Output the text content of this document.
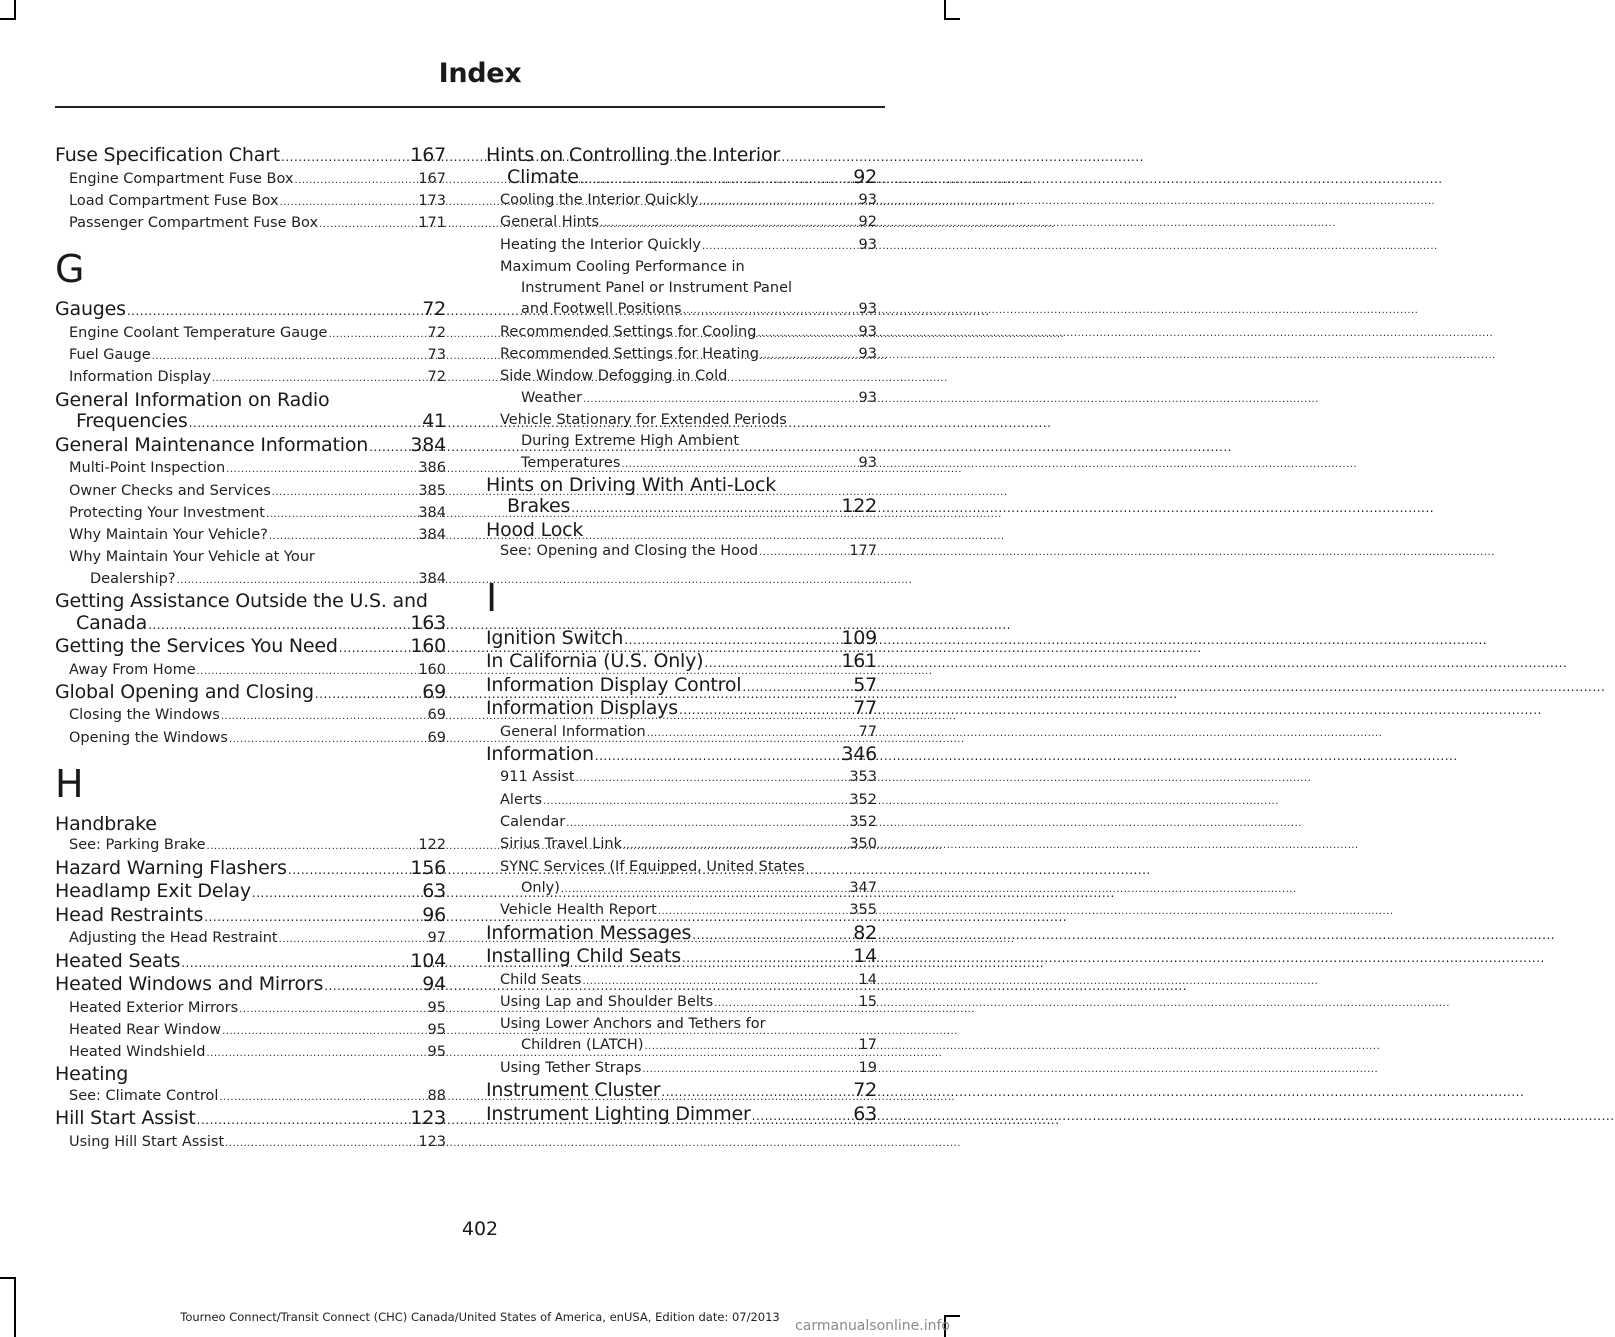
Index
Fuse Specification Chart .....	167
Engine Compartment Fuse Box .....	167
Load Compartment Fuse Box .....	173
Passenger Compartment Fuse Box .....	171
G
Gauges .....	72
Engine Coolant Temperature Gauge .....	72
Fuel Gauge .....	73
Information Display .....	72
General Information on Radio
Frequencies .....	41
General Maintenance Information ..... 384
Multi-Point Inspection .....	386
Owner Checks and Services .....	385
Protecting Your Investment .....	384
Why Maintain Your Vehicle? .....	384
Why Maintain Your Vehicle at Your
Dealership? .....	384
Getting Assistance Outside the U.S. and
Canada .....	163
Getting the Services You Need .....	160
Away From Home .....	160
Global Opening and Closing .....	69
Closing the Windows .....	69
Opening the Windows .....	69
H
Handbrake
See: Parking Brake .....	122
Hazard Warning Flashers .....	156
Headlamp Exit Delay .....	63
Head Restraints .....	96
Adjusting the Head Restraint .....	97
Heated Seats .....	104
Heated Windows and Mirrors .....	94
Heated Exterior Mirrors .....	95
Heated Rear Window .....	95
Heated Windshield .....	95
Heating
See: Climate Control .....	88
Hill Start Assist .....	123
Using Hill Start Assist .....	123
Hints on Controlling the Interior
Climate .....	92
Cooling the Interior Quickly .....	93
General Hints .....	92
Heating the Interior Quickly .....	93
Maximum Cooling Performance in
Instrument Panel or Instrument Panel
and Footwell Positions .....	93
Recommended Settings for Cooling .....	93
Recommended Settings for Heating .....	93
Side Window Defogging in Cold
Weather .....	93
Vehicle Stationary for Extended Periods
During Extreme High Ambient
Temperatures .....	93
Hints on Driving With Anti-Lock
Brakes .....	122
Hood Lock
See: Opening and Closing the Hood .....	177
I
Ignition Switch .....	109
In California (U.S. Only) .....	161
Information Display Control .....	57
Information Displays .....	77
General Information .....	77
Information .....	346
911 Assist .....	353
Alerts .....	352
Calendar .....	352
Sirius Travel Link .....	350
SYNC Services (If Equipped, United States
Only) .....	347
Vehicle Health Report .....	355
Information Messages .....	82
Installing Child Seats .....	14
Child Seats .....	14
Using Lap and Shoulder Belts .....	15
Using Lower Anchors and Tethers for
Children (LATCH) .....	17
Using Tether Straps .....	19
Instrument Cluster .....	72
Instrument Lighting Dimmer .....	63
402
Tourneo Connect/Transit Connect (CHC) Canada/United States of America, enUSA, Edition date: 07/2013
carmanualsonline.info
